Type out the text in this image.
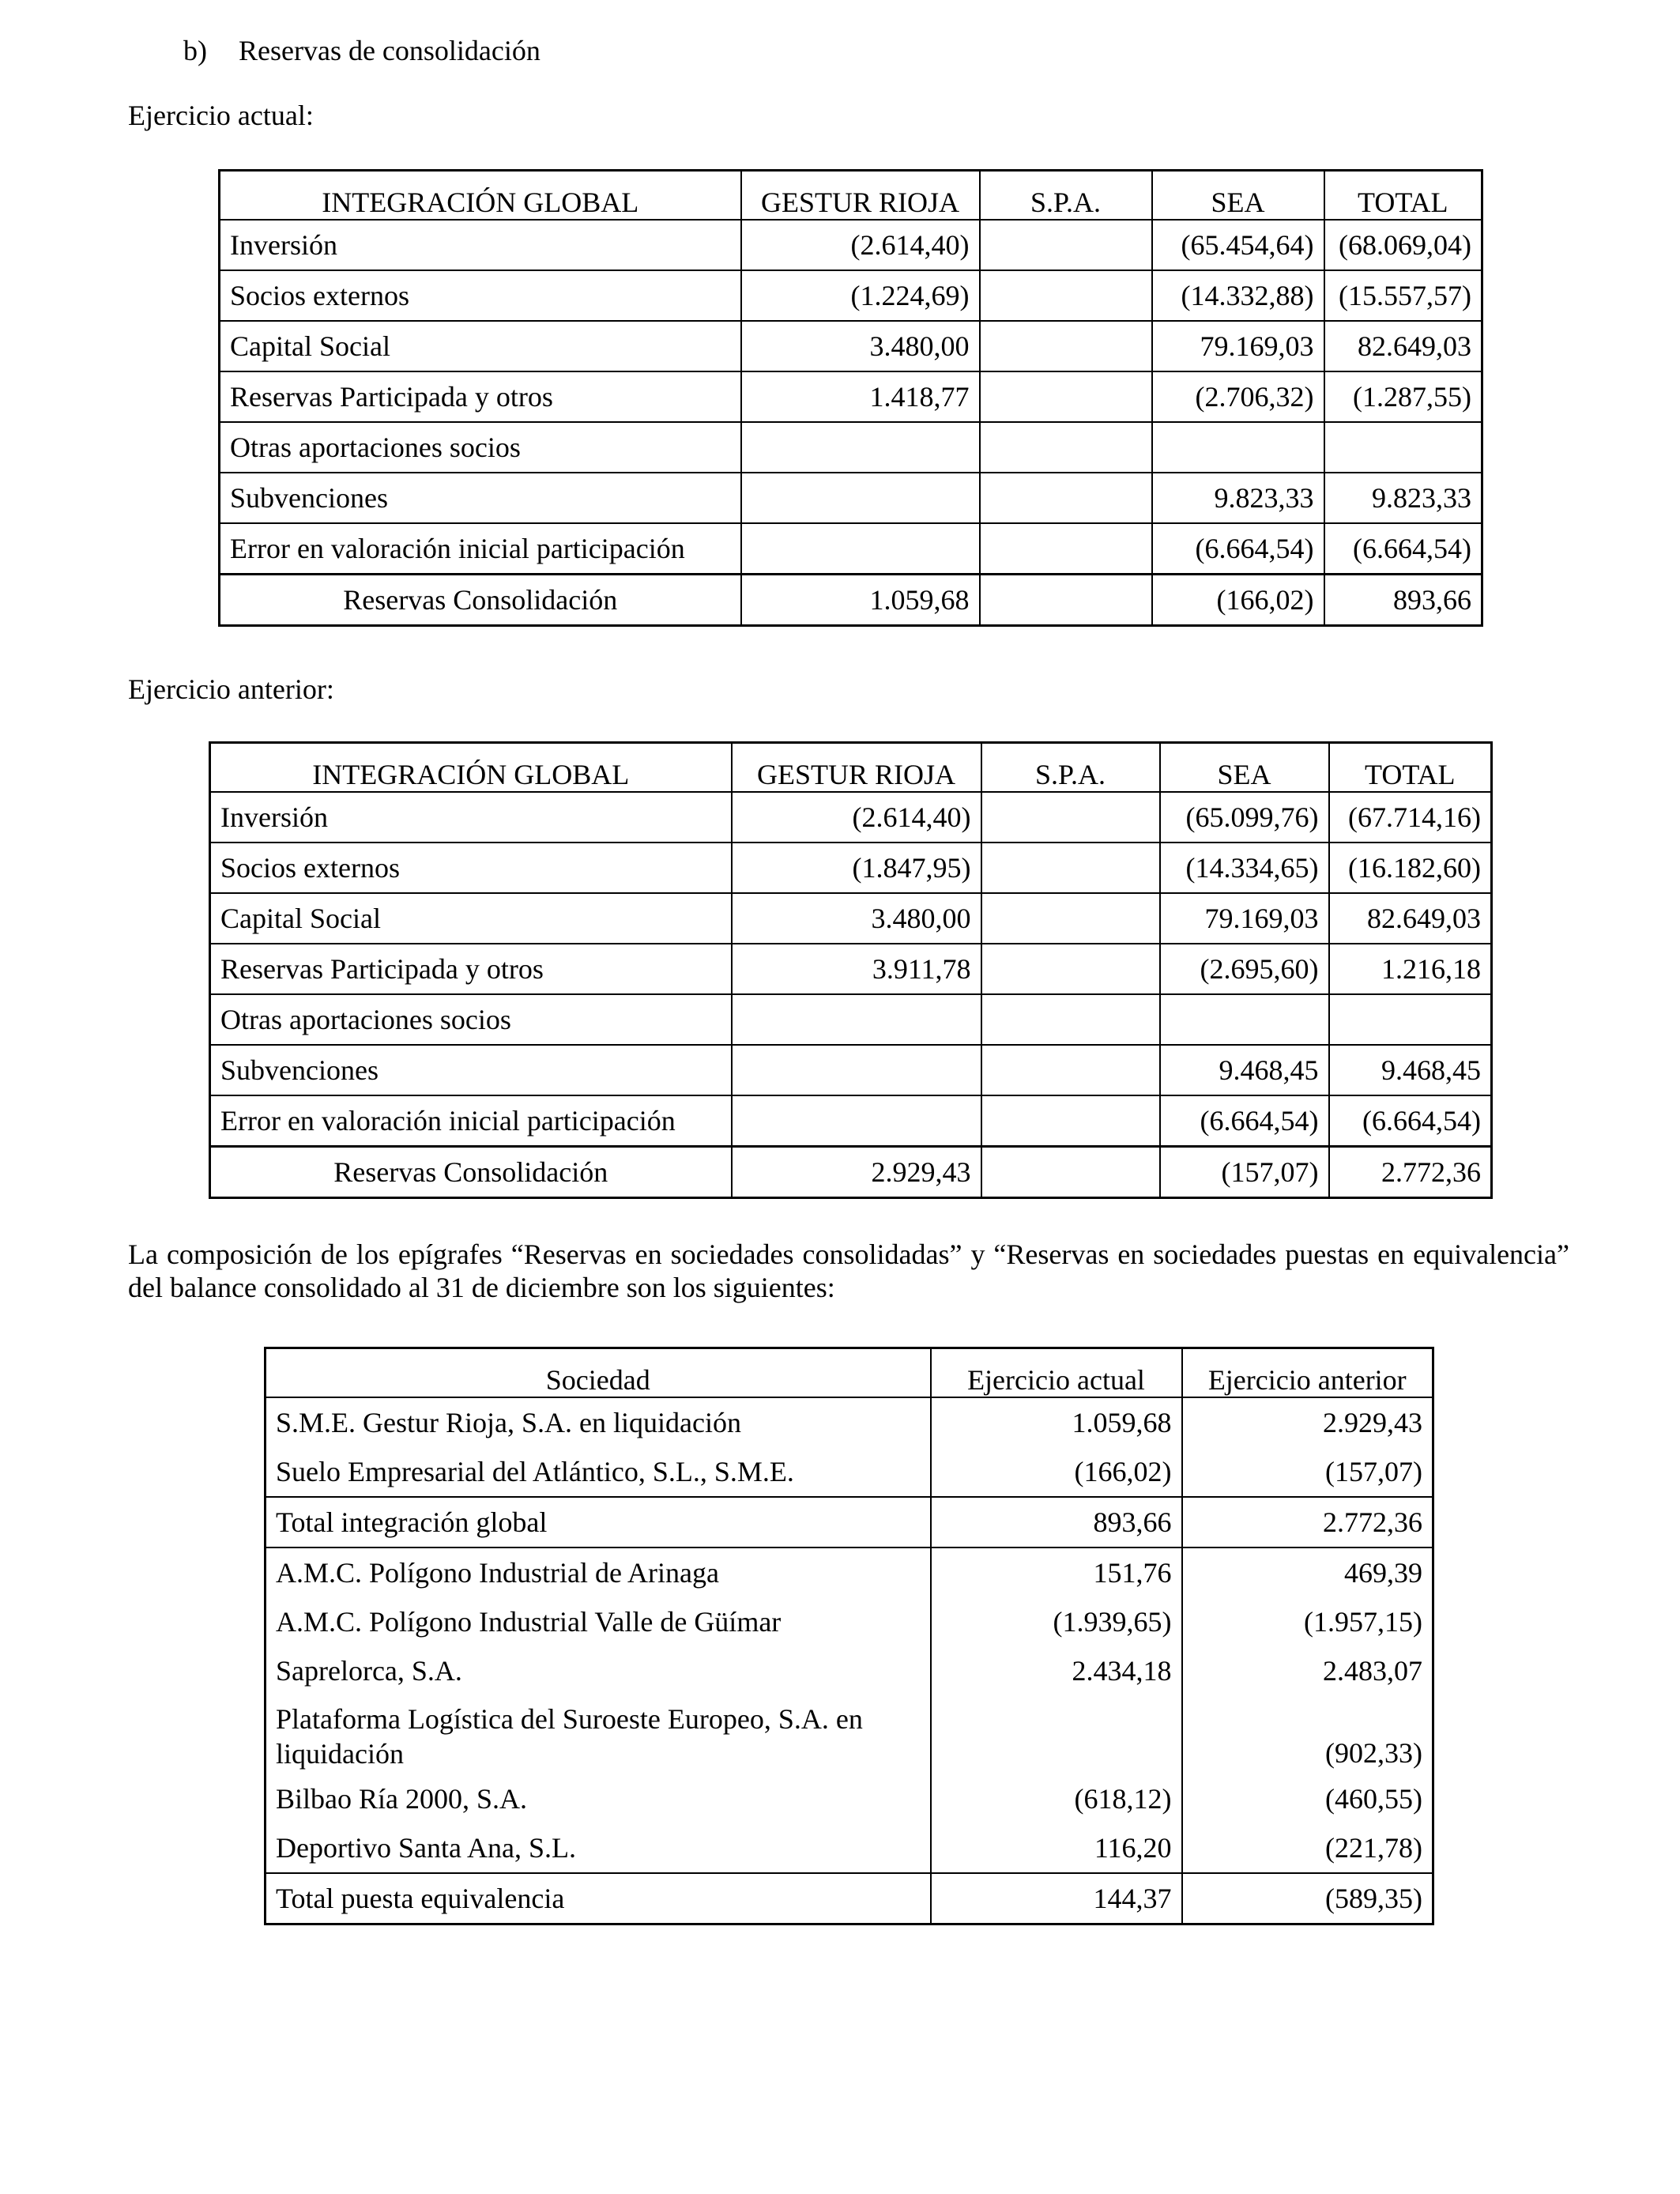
b) Reservas de consolidación
Ejercicio actual:
INTEGRACIÓN GLOBAL	GESTUR RIOJA	S.P.A.	SEA	TOTAL
Inversión	(2.614,40)		(65.454,64)	(68.069,04)
Socios externos	(1.224,69)		(14.332,88)	(15.557,57)
Capital Social	3.480,00		79.169,03	82.649,03
Reservas Participada y otros	1.418,77		(2.706,32)	(1.287,55)
Otras aportaciones socios				
Subvenciones			9.823,33	9.823,33
Error en valoración inicial participación			(6.664,54)	(6.664,54)
Reservas Consolidación	1.059,68		(166,02)	893,66
Ejercicio anterior:
INTEGRACIÓN GLOBAL	GESTUR RIOJA	S.P.A.	SEA	TOTAL
Inversión	(2.614,40)		(65.099,76)	(67.714,16)
Socios externos	(1.847,95)		(14.334,65)	(16.182,60)
Capital Social	3.480,00		79.169,03	82.649,03
Reservas Participada y otros	3.911,78		(2.695,60)	1.216,18
Otras aportaciones socios				
Subvenciones			9.468,45	9.468,45
Error en valoración inicial participación			(6.664,54)	(6.664,54)
Reservas Consolidación	2.929,43		(157,07)	2.772,36
La composición de los epígrafes “Reservas en sociedades consolidadas” y “Reservas en sociedades puestas en equivalencia” del balance consolidado al 31 de diciembre son los siguientes:
Sociedad	Ejercicio actual	Ejercicio anterior
S.M.E. Gestur Rioja, S.A. en liquidación	1.059,68	2.929,43
Suelo Empresarial del Atlántico, S.L., S.M.E.	(166,02)	(157,07)
Total integración global	893,66	2.772,36
A.M.C. Polígono Industrial de Arinaga	151,76	469,39
A.M.C. Polígono Industrial Valle de Güímar	(1.939,65)	(1.957,15)
Saprelorca, S.A.	2.434,18	2.483,07
Plataforma Logística del Suroeste Europeo, S.A. en liquidación		(902,33)
Bilbao Ría 2000, S.A.	(618,12)	(460,55)
Deportivo Santa Ana, S.L.	116,20	(221,78)
Total puesta equivalencia	144,37	(589,35)
